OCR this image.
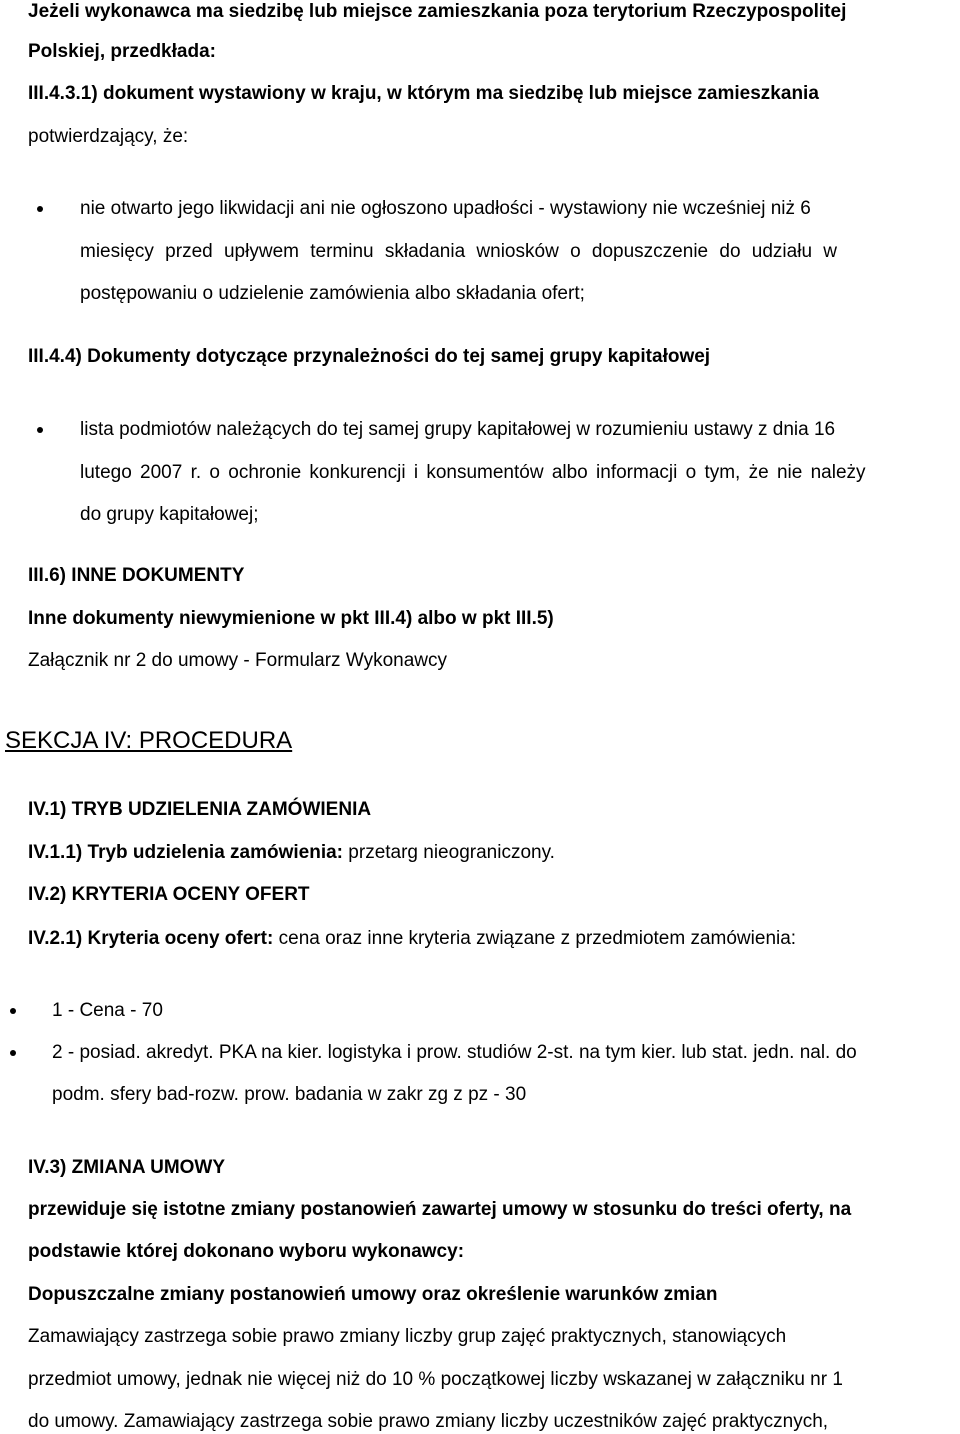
Jeżeli wykonawca ma siedzibę lub miejsce zamieszkania poza terytorium Rzeczypospolitej
Polskiej, przedkłada:
III.4.3.1) dokument wystawiony w kraju, w którym ma siedzibę lub miejsce zamieszkania
potwierdzający, że:
nie otwarto jego likwidacji ani nie ogłoszono upadłości - wystawiony nie wcześniej niż 6
miesięcy przed upływem terminu składania wniosków o dopuszczenie do udziału w
postępowaniu o udzielenie zamówienia albo składania ofert;
III.4.4) Dokumenty dotyczące przynależności do tej samej grupy kapitałowej
lista podmiotów należących do tej samej grupy kapitałowej w rozumieniu ustawy z dnia 16
lutego 2007 r. o ochronie konkurencji i konsumentów albo informacji o tym, że nie należy
do grupy kapitałowej;
III.6) INNE DOKUMENTY
Inne dokumenty niewymienione w pkt III.4) albo w pkt III.5)
Załącznik nr 2 do umowy - Formularz Wykonawcy
SEKCJA IV: PROCEDURA
IV.1) TRYB UDZIELENIA ZAMÓWIENIA
IV.1.1) Tryb udzielenia zamówienia: przetarg nieograniczony.
IV.2) KRYTERIA OCENY OFERT
IV.2.1) Kryteria oceny ofert: cena oraz inne kryteria związane z przedmiotem zamówienia:
1 - Cena - 70
2 - posiad. akredyt. PKA na kier. logistyka i prow. studiów 2-st. na tym kier. lub stat. jedn. nal. do
podm. sfery bad-rozw. prow. badania w zakr zg z pz - 30
IV.3) ZMIANA UMOWY
przewiduje się istotne zmiany postanowień zawartej umowy w stosunku do treści oferty, na
podstawie której dokonano wyboru wykonawcy:
Dopuszczalne zmiany postanowień umowy oraz określenie warunków zmian
Zamawiający zastrzega sobie prawo zmiany liczby grup zajęć praktycznych, stanowiących
przedmiot umowy, jednak nie więcej niż do 10 % początkowej liczby wskazanej w załączniku nr 1
do umowy. Zamawiający zastrzega sobie prawo zmiany liczby uczestników zajęć praktycznych,
